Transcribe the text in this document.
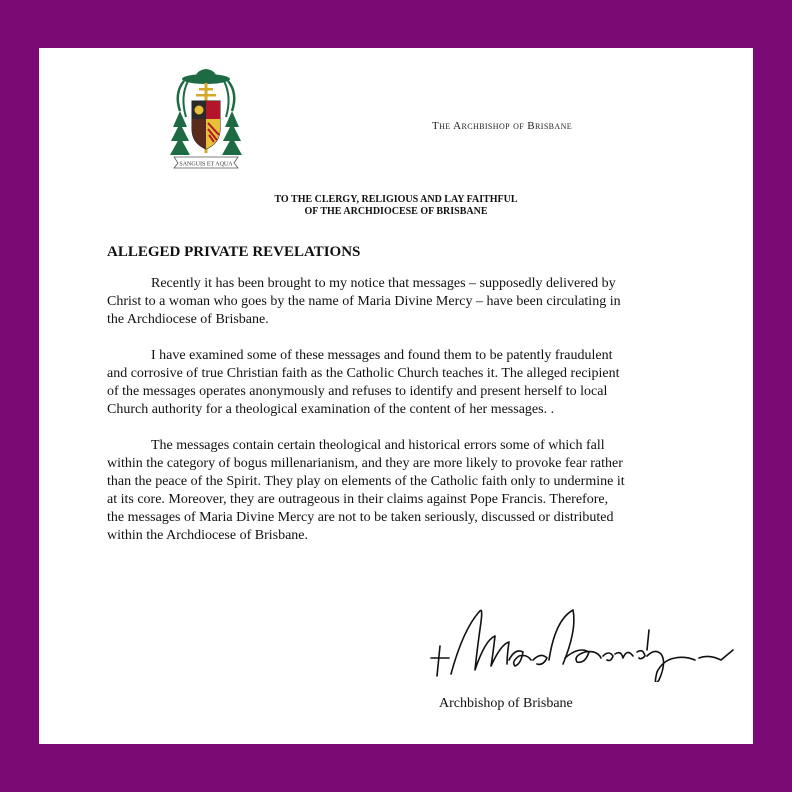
SANGUIS ET AQUA
The Archbishop of Brisbane
TO THE CLERGY, RELIGIOUS AND LAY FAITHFUL
OF THE ARCHDIOCESE OF BRISBANE
ALLEGED PRIVATE REVELATIONS

Recently it has been brought to my notice that messages – supposedly delivered by
Christ to a woman who goes by the name of Maria Divine Mercy – have been circulating in
the Archdiocese of Brisbane.

I have examined some of these messages and found them to be patently fraudulent
and corrosive of true Christian faith as the Catholic Church teaches it. The alleged recipient
of the messages operates anonymously and refuses to identify and present herself to local
Church authority for a theological examination of the content of her messages. .

The messages contain certain theological and historical errors some of which fall
within the category of bogus millenarianism, and they are more likely to provoke fear rather
than the peace of the Spirit. They play on elements of the Catholic faith only to undermine it
at its core. Moreover, they are outrageous in their claims against Pope Francis. Therefore,
the messages of Maria Divine Mercy are not to be taken seriously, discussed or distributed
within the Archdiocese of Brisbane.

Archbishop of Brisbane
